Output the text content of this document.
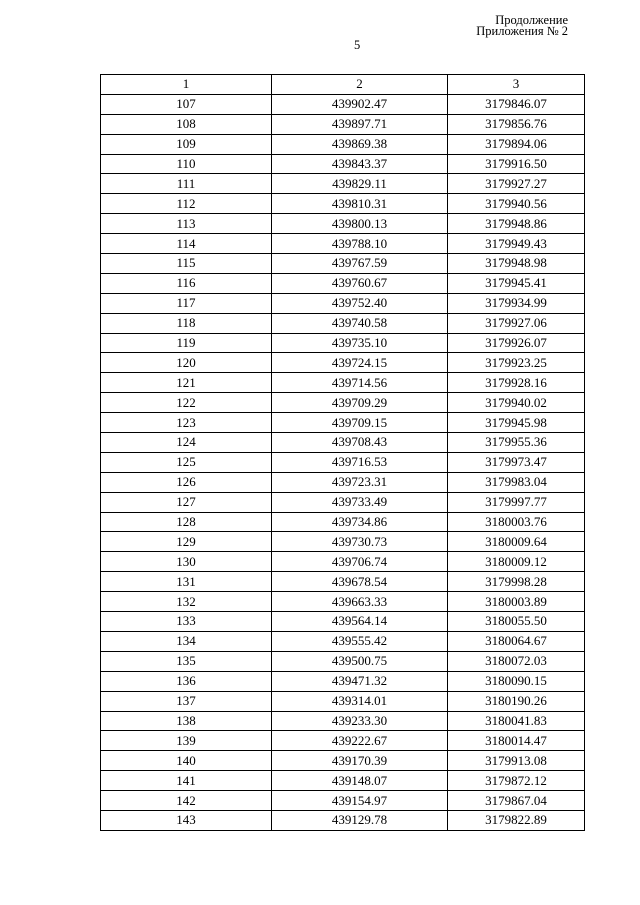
Продолжение
Приложения № 2
5
1	2	3
107	439902.47	3179846.07
108	439897.71	3179856.76
109	439869.38	3179894.06
110	439843.37	3179916.50
111	439829.11	3179927.27
112	439810.31	3179940.56
113	439800.13	3179948.86
114	439788.10	3179949.43
115	439767.59	3179948.98
116	439760.67	3179945.41
117	439752.40	3179934.99
118	439740.58	3179927.06
119	439735.10	3179926.07
120	439724.15	3179923.25
121	439714.56	3179928.16
122	439709.29	3179940.02
123	439709.15	3179945.98
124	439708.43	3179955.36
125	439716.53	3179973.47
126	439723.31	3179983.04
127	439733.49	3179997.77
128	439734.86	3180003.76
129	439730.73	3180009.64
130	439706.74	3180009.12
131	439678.54	3179998.28
132	439663.33	3180003.89
133	439564.14	3180055.50
134	439555.42	3180064.67
135	439500.75	3180072.03
136	439471.32	3180090.15
137	439314.01	3180190.26
138	439233.30	3180041.83
139	439222.67	3180014.47
140	439170.39	3179913.08
141	439148.07	3179872.12
142	439154.97	3179867.04
143	439129.78	3179822.89
